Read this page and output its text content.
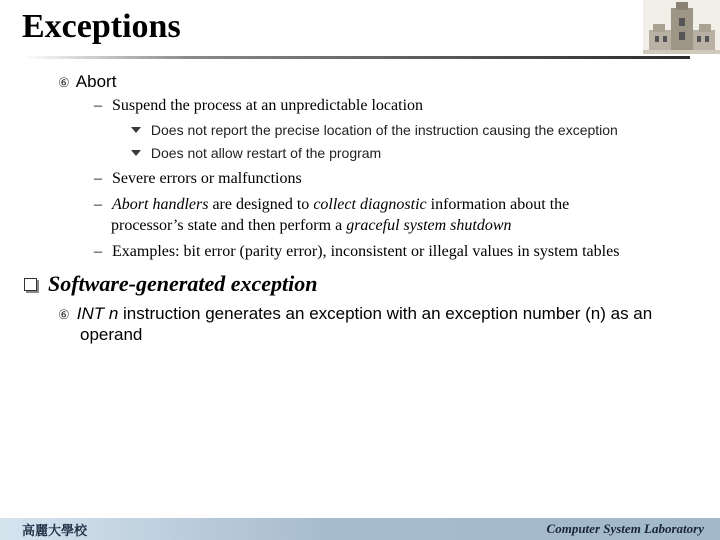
Exceptions
⑥ Abort
– Suspend the process at an unpredictable location
Does not report the precise location of the instruction causing the exception
Does not allow restart of the program
– Severe errors or malfunctions
– Abort handlers are designed to collect diagnostic information about the
processor’s state and then perform a graceful system shutdown
– Examples: bit error (parity error), inconsistent or illegal values in system tables
Software-generated exception
⑥ INT n instruction generates an exception with an exception number (n) as an
operand
高麗大學校	Computer System Laboratory
